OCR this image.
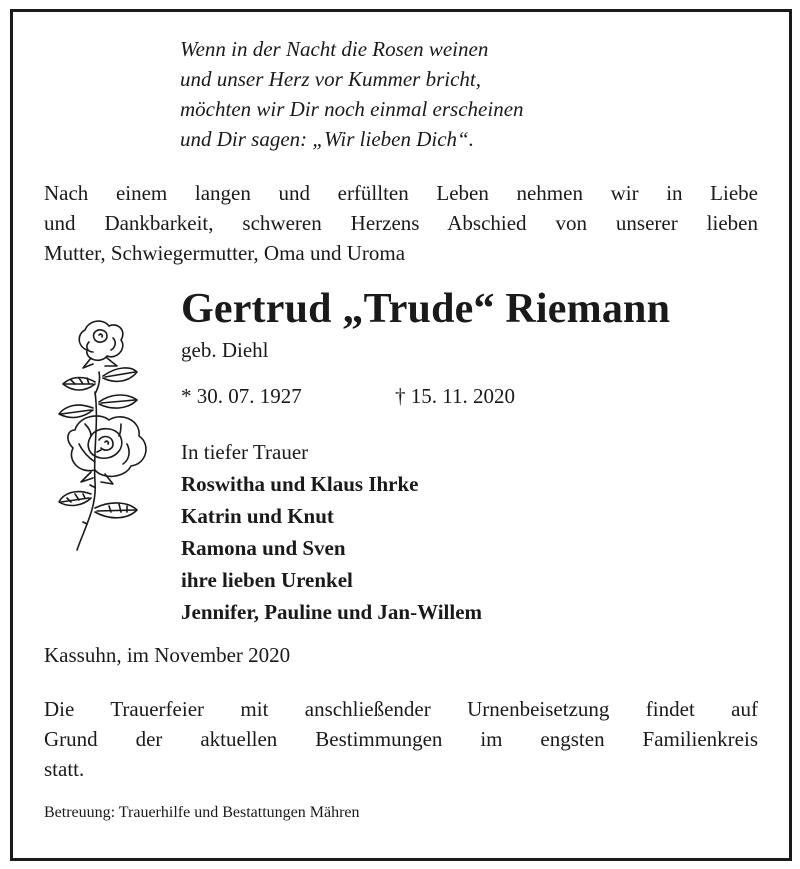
Wenn in der Nacht die Rosen weinen
und unser Herz vor Kummer bricht,
möchten wir Dir noch einmal erscheinen
und Dir sagen: „Wir lieben Dich“.
Nach einem langen und erfüllten Leben nehmen wir in Liebe
und Dankbarkeit, schweren Herzens Abschied von unserer lieben
Mutter, Schwiegermutter, Oma und Uroma
Gertrud „Trude“ Riemann
geb. Diehl
* 30. 07. 1927	† 15. 11. 2020
In tiefer Trauer
Roswitha und Klaus Ihrke
Katrin und Knut
Ramona und Sven
ihre lieben Urenkel
Jennifer, Pauline und Jan-Willem
Kassuhn, im November 2020
Die Trauerfeier mit anschließender Urnenbeisetzung findet auf
Grund der aktuellen Bestimmungen im engsten Familienkreis
statt.
Betreuung: Trauerhilfe und Bestattungen Mähren
